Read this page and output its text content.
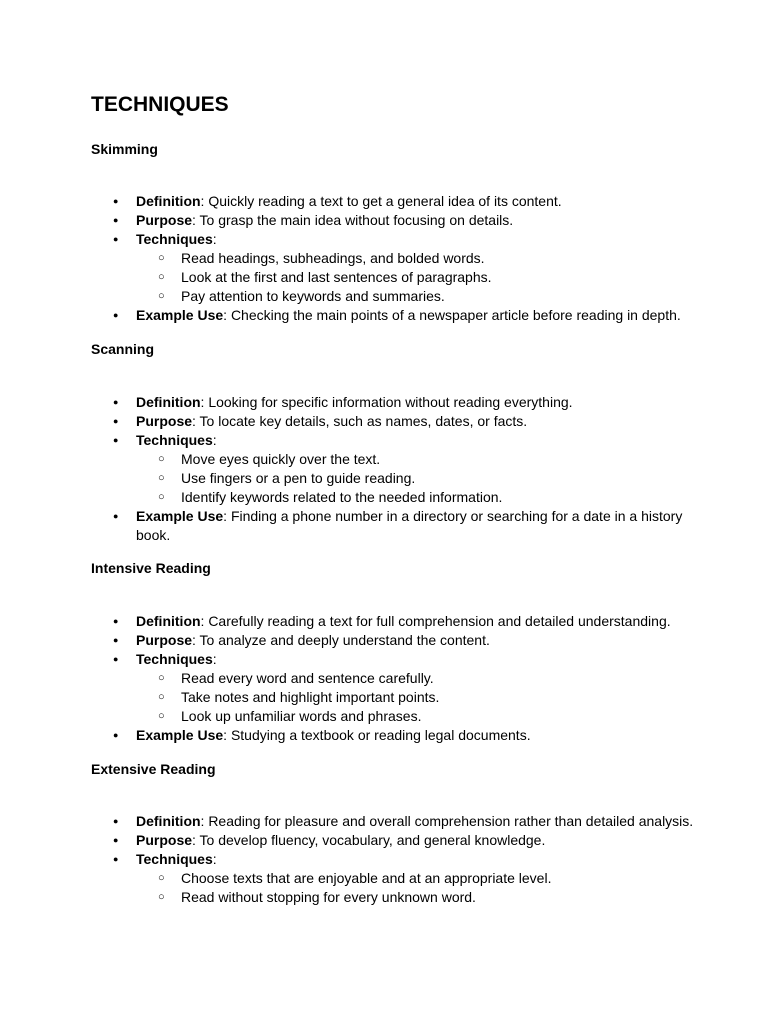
TECHNIQUES
Skimming
● Definition: Quickly reading a text to get a general idea of its content.
● Purpose: To grasp the main idea without focusing on details.
● Techniques:
○ Read headings, subheadings, and bolded words.
○ Look at the first and last sentences of paragraphs.
○ Pay attention to keywords and summaries.
● Example Use: Checking the main points of a newspaper article before reading in depth.
Scanning
● Definition: Looking for specific information without reading everything.
● Purpose: To locate key details, such as names, dates, or facts.
● Techniques:
○ Move eyes quickly over the text.
○ Use fingers or a pen to guide reading.
○ Identify keywords related to the needed information.
● Example Use: Finding a phone number in a directory or searching for a date in a history book.
Intensive Reading
● Definition: Carefully reading a text for full comprehension and detailed understanding.
● Purpose: To analyze and deeply understand the content.
● Techniques:
○ Read every word and sentence carefully.
○ Take notes and highlight important points.
○ Look up unfamiliar words and phrases.
● Example Use: Studying a textbook or reading legal documents.
Extensive Reading
● Definition: Reading for pleasure and overall comprehension rather than detailed analysis.
● Purpose: To develop fluency, vocabulary, and general knowledge.
● Techniques:
○ Choose texts that are enjoyable and at an appropriate level.
○ Read without stopping for every unknown word.
